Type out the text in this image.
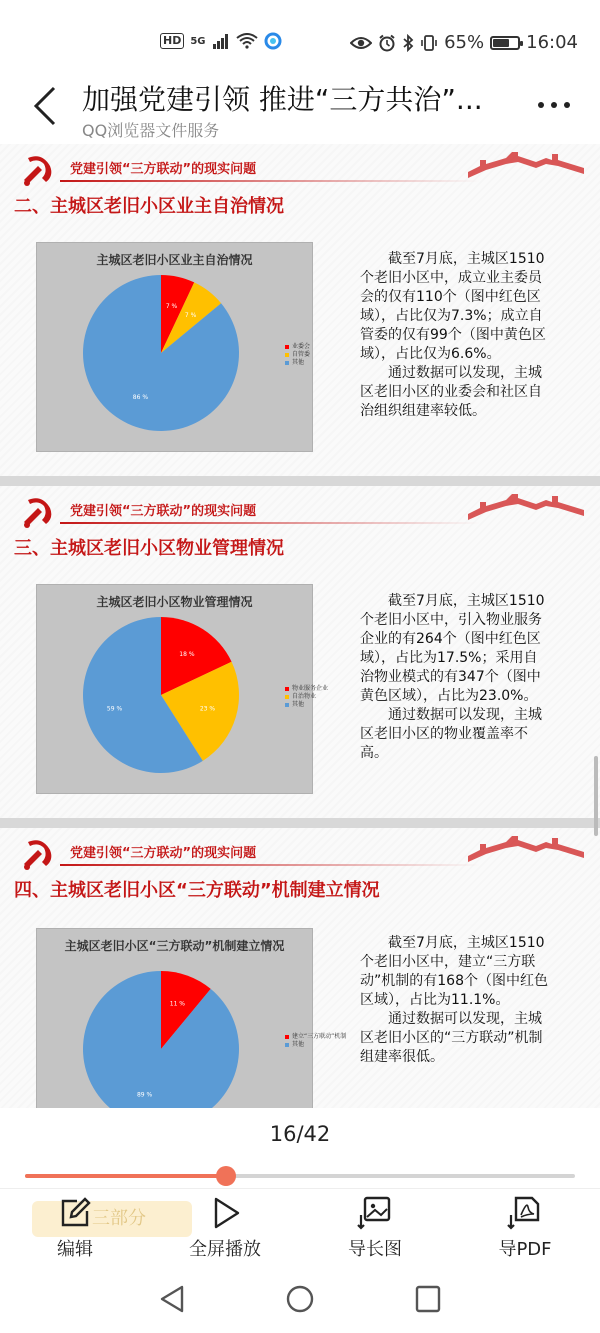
HD 5G	65% 16:04
加强党建引领 推进“三方共治”...
QQ浏览器文件服务
党建引领“三方联动”的现实问题
二、主城区老旧小区业主自治情况
主城区老旧小区业主自治情况
7 %
7 %
86 %
业委会
自管委
其他

截至7月底，主城区1510个老旧小区中，成立业主委员会的仅有110个（图中红色区域），占比仅为7.3%；成立自管委的仅有99个（图中黄色区域），占比仅为6.6%。

通过数据可以发现，主城区老旧小区的业委会和社区自治组织组建率较低。

党建引领“三方联动”的现实问题
三、主城区老旧小区物业管理情况
主城区老旧小区物业管理情况
18 %
23 %
59 %
物业服务企业
自治物业
其他

截至7月底，主城区1510个老旧小区中，引入物业服务企业的有264个（图中红色区域），占比为17.5%；采用自治物业模式的有347个（图中黄色区域），占比为23.0%。

通过数据可以发现，主城区老旧小区的物业覆盖率不高。

党建引领“三方联动”的现实问题
四、主城区老旧小区“三方联动”机制建立情况
主城区老旧小区“三方联动”机制建立情况
11 %
89 %
建立“三方联动”机制
其他

截至7月底，主城区1510个老旧小区中，建立“三方联动”机制的有168个（图中红色区域），占比为11.1%。

通过数据可以发现，主城区老旧小区的“三方联动”机制组建率很低。

16/42
三部分
编辑	全屏播放	导长图	导PDF
